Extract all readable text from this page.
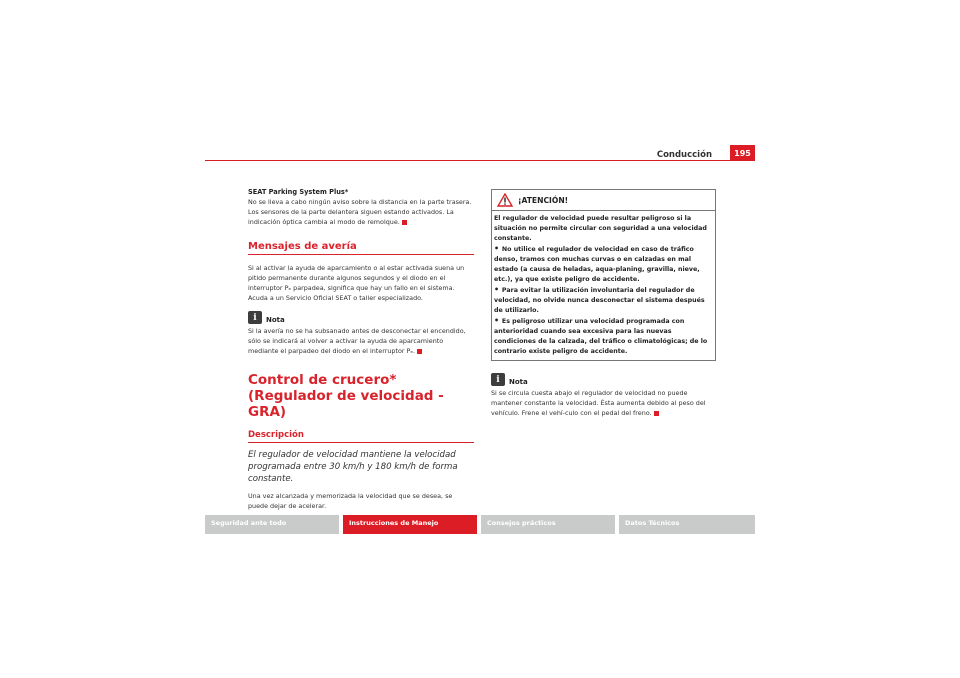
Conducción	195
SEAT Parking System Plus*

No se lleva a cabo ningún aviso sobre la distancia en la parte trasera. Los sensores de la parte delantera siguen estando activados. La indicación óptica cambia al modo de remolque.

Mensajes de avería

Si al activar la ayuda de aparcamiento o al estar activada suena un pitido permanente durante algunos segundos y el diodo en el interruptor Pₑ parpadea, significa que hay un fallo en el sistema. Acuda a un Servicio Oficial SEAT o taller especializado.

i	Nota

Si la avería no se ha subsanado antes de desconectar el encendido, sólo se indicará al volver a activar la ayuda de aparcamiento mediante el parpadeo del diodo en el interruptor Pₑ.

Control de crucero* (Regulador de velocidad - GRA)
Descripción

El regulador de velocidad mantiene la velocidad programada entre 30 km/h y 180 km/h de forma constante.

Una vez alcanzada y memorizada la velocidad que se desea, se puede dejar de acelerar.

¡ATENCIÓN!

El regulador de velocidad puede resultar peligroso si la situación no permite circular con seguridad a una velocidad constante.

• No utilice el regulador de velocidad en caso de tráfico denso, tramos con muchas curvas o en calzadas en mal estado (a causa de heladas, aqua-planing, gravilla, nieve, etc.), ya que existe peligro de accidente.

• Para evitar la utilización involuntaria del regulador de velocidad, no olvide nunca desconectar el sistema después de utilizarlo.

• Es peligroso utilizar una velocidad programada con anterioridad cuando sea excesiva para las nuevas condiciones de la calzada, del tráfico o climatológicas; de lo contrario existe peligro de accidente.

i	Nota

Si se circula cuesta abajo el regulador de velocidad no puede mantener constante la velocidad. Ésta aumenta debido al peso del vehículo. Frene el vehí-culo con el pedal del freno.

Seguridad ante todo	Instrucciones de Manejo	Consejos prácticos	Datos Técnicos
